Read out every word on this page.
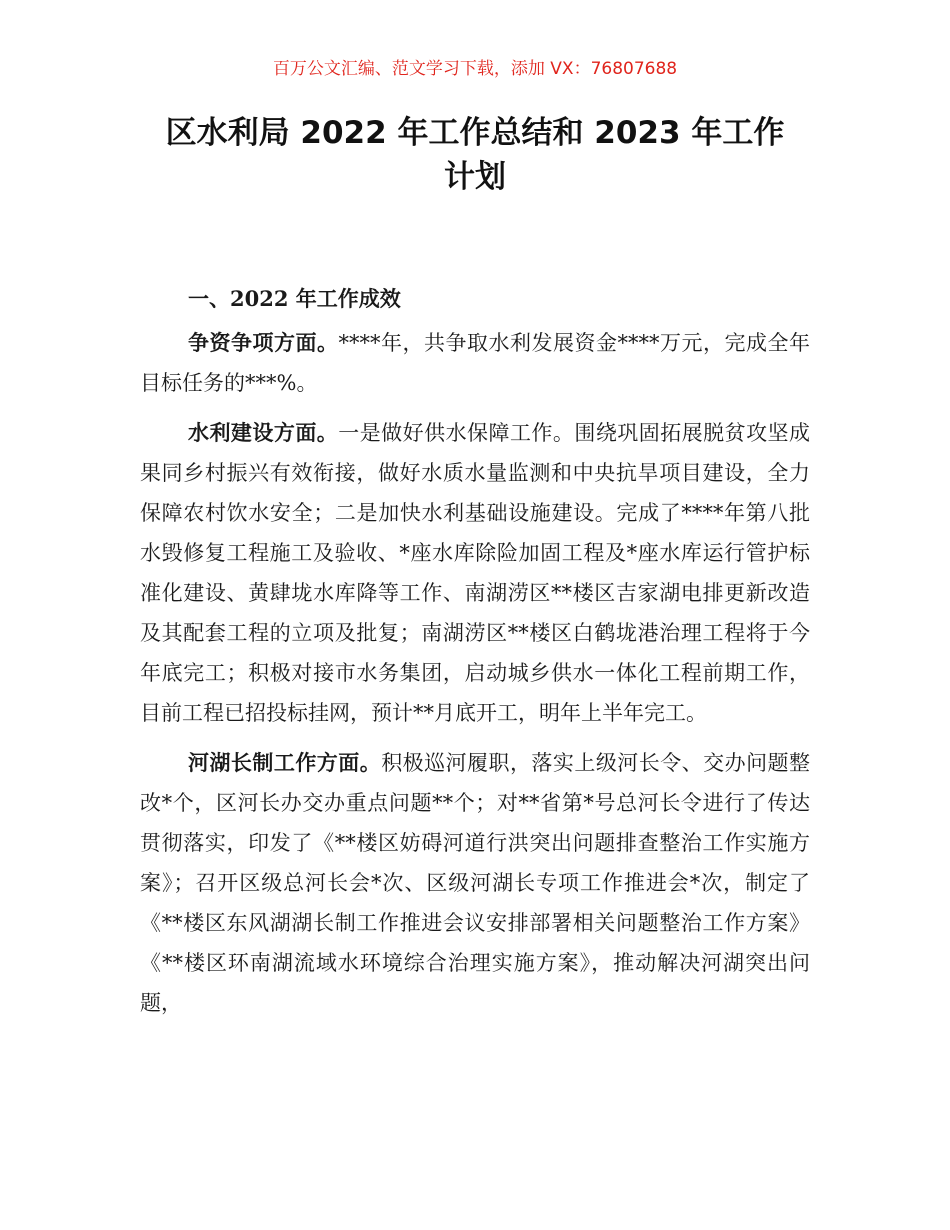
百万公文汇编、范文学习下载，添加 VX：76807688

区水利局 2022 年工作总结和 2023 年工作
计划
一、2022 年工作成效

争资争项方面。****年，共争取水利发展资金****万元，完成全年目标任务的***%。

水利建设方面。一是做好供水保障工作。围绕巩固拓展脱贫攻坚成果同乡村振兴有效衔接，做好水质水量监测和中央抗旱项目建设，全力保障农村饮水安全；二是加快水利基础设施建设。完成了****年第八批水毁修复工程施工及验收、*座水库除险加固工程及*座水库运行管护标准化建设、黄肆垅水库降等工作、南湖涝区**楼区吉家湖电排更新改造及其配套工程的立项及批复；南湖涝区**楼区白鹤垅港治理工程将于今年底完工；积极对接市水务集团，启动城乡供水一体化工程前期工作，目前工程已招投标挂网，预计**月底开工，明年上半年完工。

河湖长制工作方面。积极巡河履职，落实上级河长令、交办问题整改*个，区河长办交办重点问题**个；对**省第*号总河长令进行了传达贯彻落实，印发了《**楼区妨碍河道行洪突出问题排查整治工作实施方案》；召开区级总河长会*次、区级河湖长专项工作推进会*次，制定了《**楼区东风湖湖长制工作推进会议安排部署相关问题整治工作方案》《**楼区环南湖流域水环境综合治理实施方案》，推动解决河湖突出问题，
